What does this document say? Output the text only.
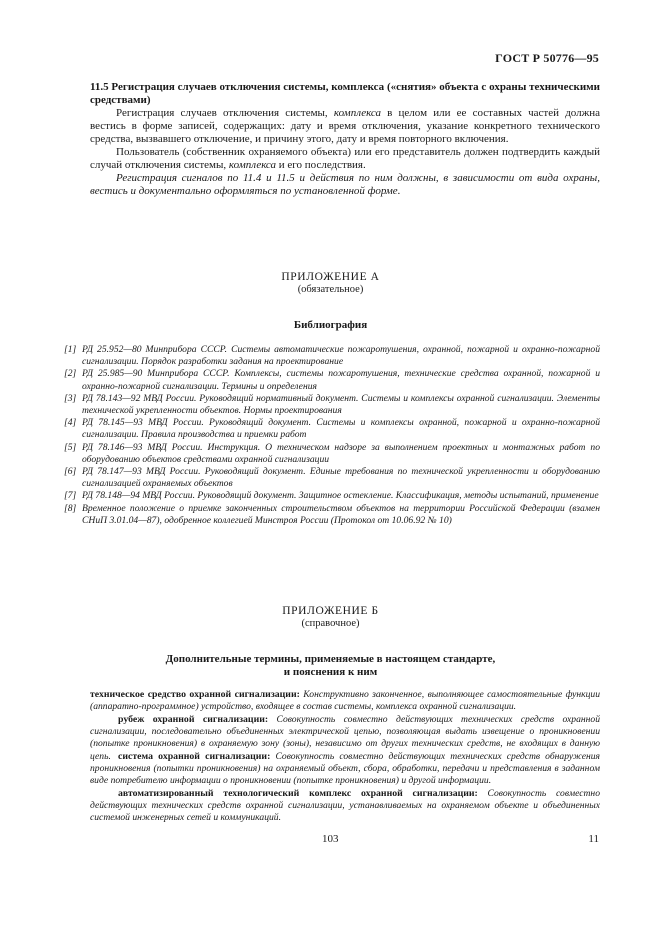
ГОСТ Р 50776—95

11.5 Регистрация случаев отключения системы, комплекса («снятия» объекта с охраны техническими средствами)

Регистрация случаев отключения системы, комплекса в целом или ее составных частей должна вестись в форме записей, содержащих: дату и время отключения, указание конкретного технического средства, вызвавшего отключение, и причину этого, дату и время повторного включения.

Пользователь (собственник охраняемого объекта) или его представитель должен подтвердить каждый случай отключения системы, комплекса и его последствия.

Регистрация сигналов по 11.4 и 11.5 и действия по ним должны, в зависимости от вида охраны, вестись и документально оформляться по установленной форме.

ПРИЛОЖЕНИЕ А
(обязательное)
Библиография
[1] РД 25.952—80 Минприбора СССР. Системы автоматические пожаротушения, охранной, пожарной и охранно-пожарной сигнализации. Порядок разработки задания на проектирование
[2] РД 25.985—90 Минприбора СССР. Комплексы, системы пожаротушения, технические средства охранной, пожарной и охранно-пожарной сигнализации. Термины и определения
[3] РД 78.143—92 МВД России. Руководящий нормативный документ. Системы и комплексы охранной сигнализации. Элементы технической укрепленности объектов. Нормы проектирования
[4] РД 78.145—93 МВД России. Руководящий документ. Системы и комплексы охранной, пожарной и охранно-пожарной сигнализации. Правила производства и приемки работ
[5] РД 78.146—93 МВД России. Инструкция. О техническом надзоре за выполнением проектных и монтажных работ по оборудованию объектов средствами охранной сигнализации
[6] РД 78.147—93 МВД России. Руководящий документ. Единые требования по технической укрепленности и оборудованию сигнализацией охраняемых объектов
[7] РД 78.148—94 МВД России. Руководящий документ. Защитное остекление. Классификация, методы испытаний, применение
[8] Временное положение о приемке законченных строительством объектов на территории Российской Федерации (взамен СНиП 3.01.04—87), одобренное коллегией Минстроя России (Протокол от 10.06.92 № 10)
ПРИЛОЖЕНИЕ Б
(справочное)
Дополнительные термины, применяемые в настоящем стандарте,
и пояснения к ним

техническое средство охранной сигнализации: Конструктивно законченное, выполняющее самостоятельные функции (аппаратно-программное) устройство, входящее в состав системы, комплекса охранной сигнализации.

рубеж охранной сигнализации: Совокупность совместно действующих технических средств охранной сигнализации, последовательно объединенных электрической цепью, позволяющая выдать извещение о проникновении (попытке проникновения) в охраняемую зону (зоны), независимо от других технических средств, не входящих в данную цепь. система охранной сигнализации: Совокупность совместно действующих технических средств обнаружения проникновения (попытки проникновения) на охраняемый объект, сбора, обработки, передачи и представления в заданном виде потребителю информации о проникновении (попытке проникновения) и другой информации.

автоматизированный технологический комплекс охранной сигнализации: Совокупность совместно действующих технических средств охранной сигнализации, устанавливаемых на охраняемом объекте и объединенных системой инженерных сетей и коммуникаций.

103	11
